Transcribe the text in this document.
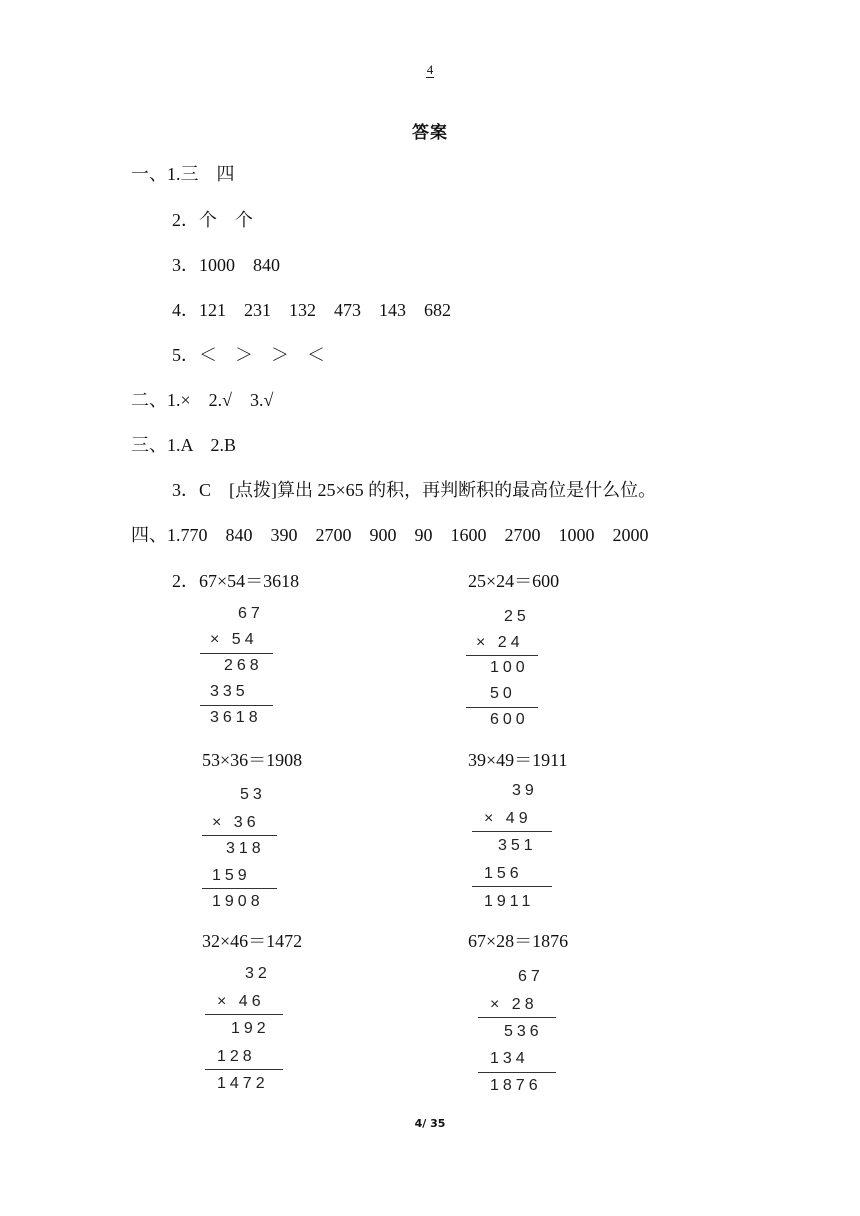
4
答案
一、1.三　四
2．个　个
3．1000　840
4．121　231　132　473　143　682
5．＜　＞　＞　＜
二、1.×　2.√　3.√
三、1.A　2.B
3．C　[点拨]算出 25×65 的积，再判断积的最高位是什么位。
四、1.770　840　390　2700　900　90　1600　2700　1000　2000
2．67×54＝3618	25×24＝600
53×36＝1908	39×49＝1911
32×46＝1472	67×28＝1876
67
× 54
268
335
3618
25
× 24
100
50
600
53
× 36
318
159
1908
39
× 49
351
156
1911
32
× 46
192
128
1472
67
× 28
536
134
1876
4/ 35
